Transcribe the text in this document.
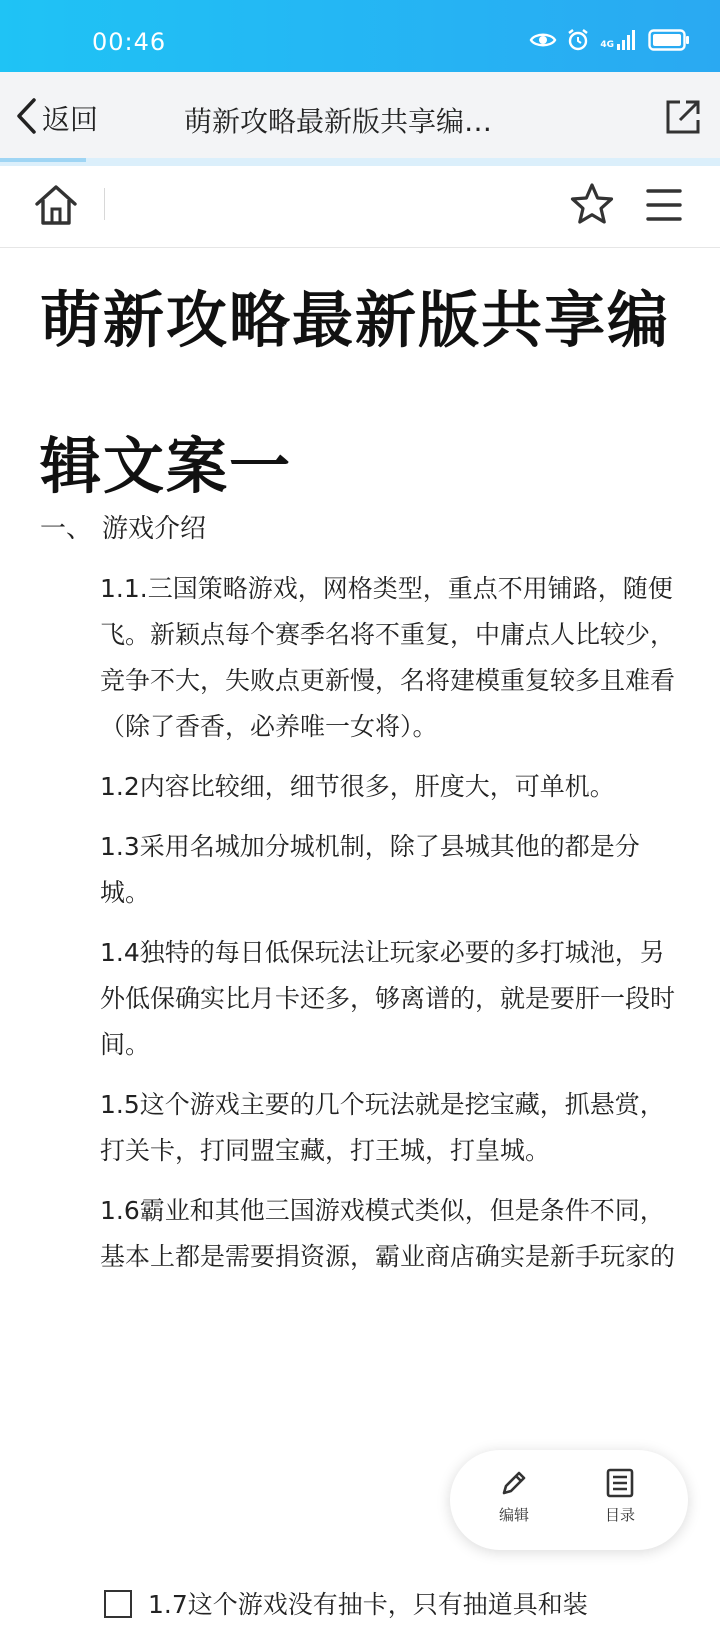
00:46	4G
返回	萌新攻略最新版共享编…
萌新攻略最新版共享编
辑文案一
一、 游戏介绍

1.1.三国策略游戏，网格类型，重点不用铺路，随便飞。新颖点每个赛季名将不重复，中庸点人比较少，竞争不大，失败点更新慢，名将建模重复较多且难看（除了香香，必养唯一女将）。

1.2内容比较细，细节很多，肝度大，可单机。

1.3采用名城加分城机制，除了县城其他的都是分城。

1.4独特的每日低保玩法让玩家必要的多打城池，另外低保确实比月卡还多，够离谱的，就是要肝一段时间。

1.5这个游戏主要的几个玩法就是挖宝藏，抓悬赏，打关卡，打同盟宝藏，打王城，打皇城。

1.6霸业和其他三国游戏模式类似，但是条件不同，基本上都是需要捐资源，霸业商店确实是新手玩家的

1.7这个游戏没有抽卡，只有抽道具和装
编辑	目录
